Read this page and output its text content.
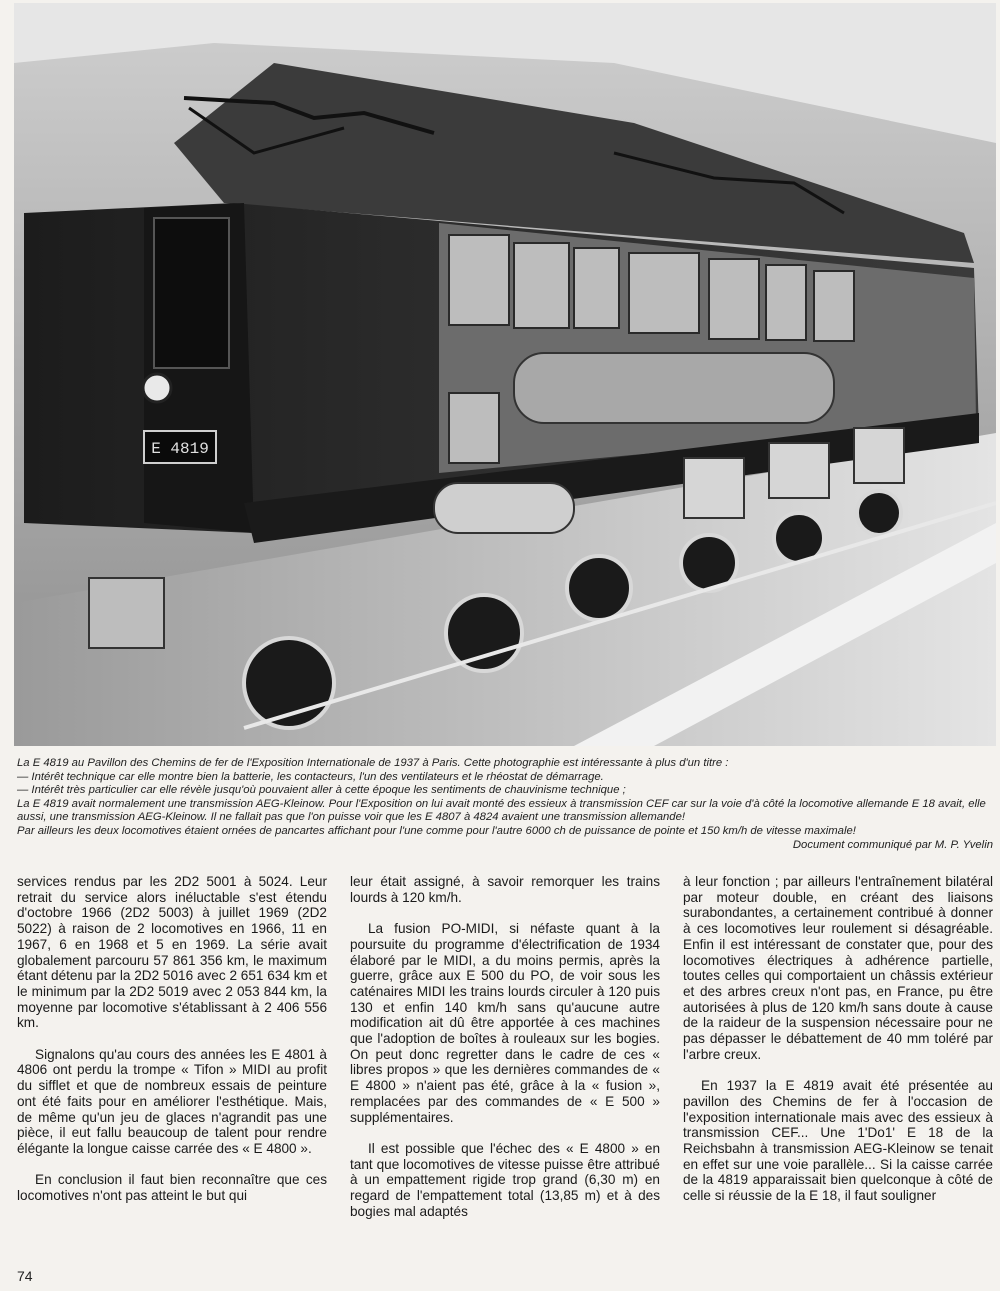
E 4819

La E 4819 au Pavillon des Chemins de fer de l'Exposition Internationale de 1937 à Paris. Cette photographie est intéressante à plus d'un titre :

— Intérêt technique car elle montre bien la batterie, les contacteurs, l'un des ventilateurs et le rhéostat de démarrage.

— Intérêt très particulier car elle révèle jusqu'où pouvaient aller à cette époque les sentiments de chauvinisme technique ;

La E 4819 avait normalement une transmission AEG-Kleinow. Pour l'Exposition on lui avait monté des essieux à transmission CEF car sur la voie d'à côté la locomotive allemande E 18 avait, elle aussi, une transmission AEG-Kleinow. Il ne fallait pas que l'on puisse voir que les E 4807 à 4824 avaient une transmission allemande!

Par ailleurs les deux locomotives étaient ornées de pancartes affichant pour l'une comme pour l'autre 6000 ch de puissance de pointe et 150 km/h de vitesse maximale!

Document communiqué par M. P. Yvelin

services rendus par les 2D2 5001 à 5024. Leur retrait du service alors inéluctable s'est étendu d'octobre 1966 (2D2 5003) à juillet 1969 (2D2 5022) à raison de 2 locomotives en 1966, 11 en 1967, 6 en 1968 et 5 en 1969. La série avait globalement parcouru 57 861 356 km, le maximum étant détenu par la 2D2 5016 avec 2 651 634 km et le minimum par la 2D2 5019 avec 2 053 844 km, la moyenne par locomotive s'établissant à 2 406 556 km.

Signalons qu'au cours des années les E 4801 à 4806 ont perdu la trompe « Tifon » MIDI au profit du sifflet et que de nombreux essais de peinture ont été faits pour en améliorer l'esthétique. Mais, de même qu'un jeu de glaces n'agrandit pas une pièce, il eut fallu beaucoup de talent pour rendre élégante la longue caisse carrée des « E 4800 ».

En conclusion il faut bien reconnaître que ces locomotives n'ont pas atteint le but qui

leur était assigné, à savoir remorquer les trains lourds à 120 km/h.

La fusion PO-MIDI, si néfaste quant à la poursuite du programme d'électrification de 1934 élaboré par le MIDI, a du moins permis, après la guerre, grâce aux E 500 du PO, de voir sous les caténaires MIDI les trains lourds circuler à 120 puis 130 et enfin 140 km/h sans qu'aucune autre modification ait dû être apportée à ces machines que l'adoption de boîtes à rouleaux sur les bogies. On peut donc regretter dans le cadre de ces « libres propos » que les dernières commandes de « E 4800 » n'aient pas été, grâce à la « fusion », remplacées par des commandes de « E 500 » supplémentaires.

Il est possible que l'échec des « E 4800 » en tant que locomotives de vitesse puisse être attribué à un empattement rigide trop grand (6,30 m) en regard de l'empattement total (13,85 m) et à des bogies mal adaptés

à leur fonction ; par ailleurs l'entraînement bilatéral par moteur double, en créant des liaisons surabondantes, a certainement contribué à donner à ces locomotives leur roulement si désagréable. Enfin il est intéressant de constater que, pour des locomotives électriques à adhérence partielle, toutes celles qui comportaient un châssis extérieur et des arbres creux n'ont pas, en France, pu être autorisées à plus de 120 km/h sans doute à cause de la raideur de la suspension nécessaire pour ne pas dépasser le débattement de 40 mm toléré par l'arbre creux.

En 1937 la E 4819 avait été présentée au pavillon des Chemins de fer à l'occasion de l'exposition internationale mais avec des essieux à transmission CEF... Une 1'Do1' E 18 de la Reichsbahn à transmission AEG-Kleinow se tenait en effet sur une voie parallèle... Si la caisse carrée de la 4819 apparaissait bien quelconque à côté de celle si réussie de la E 18, il faut souligner

74
